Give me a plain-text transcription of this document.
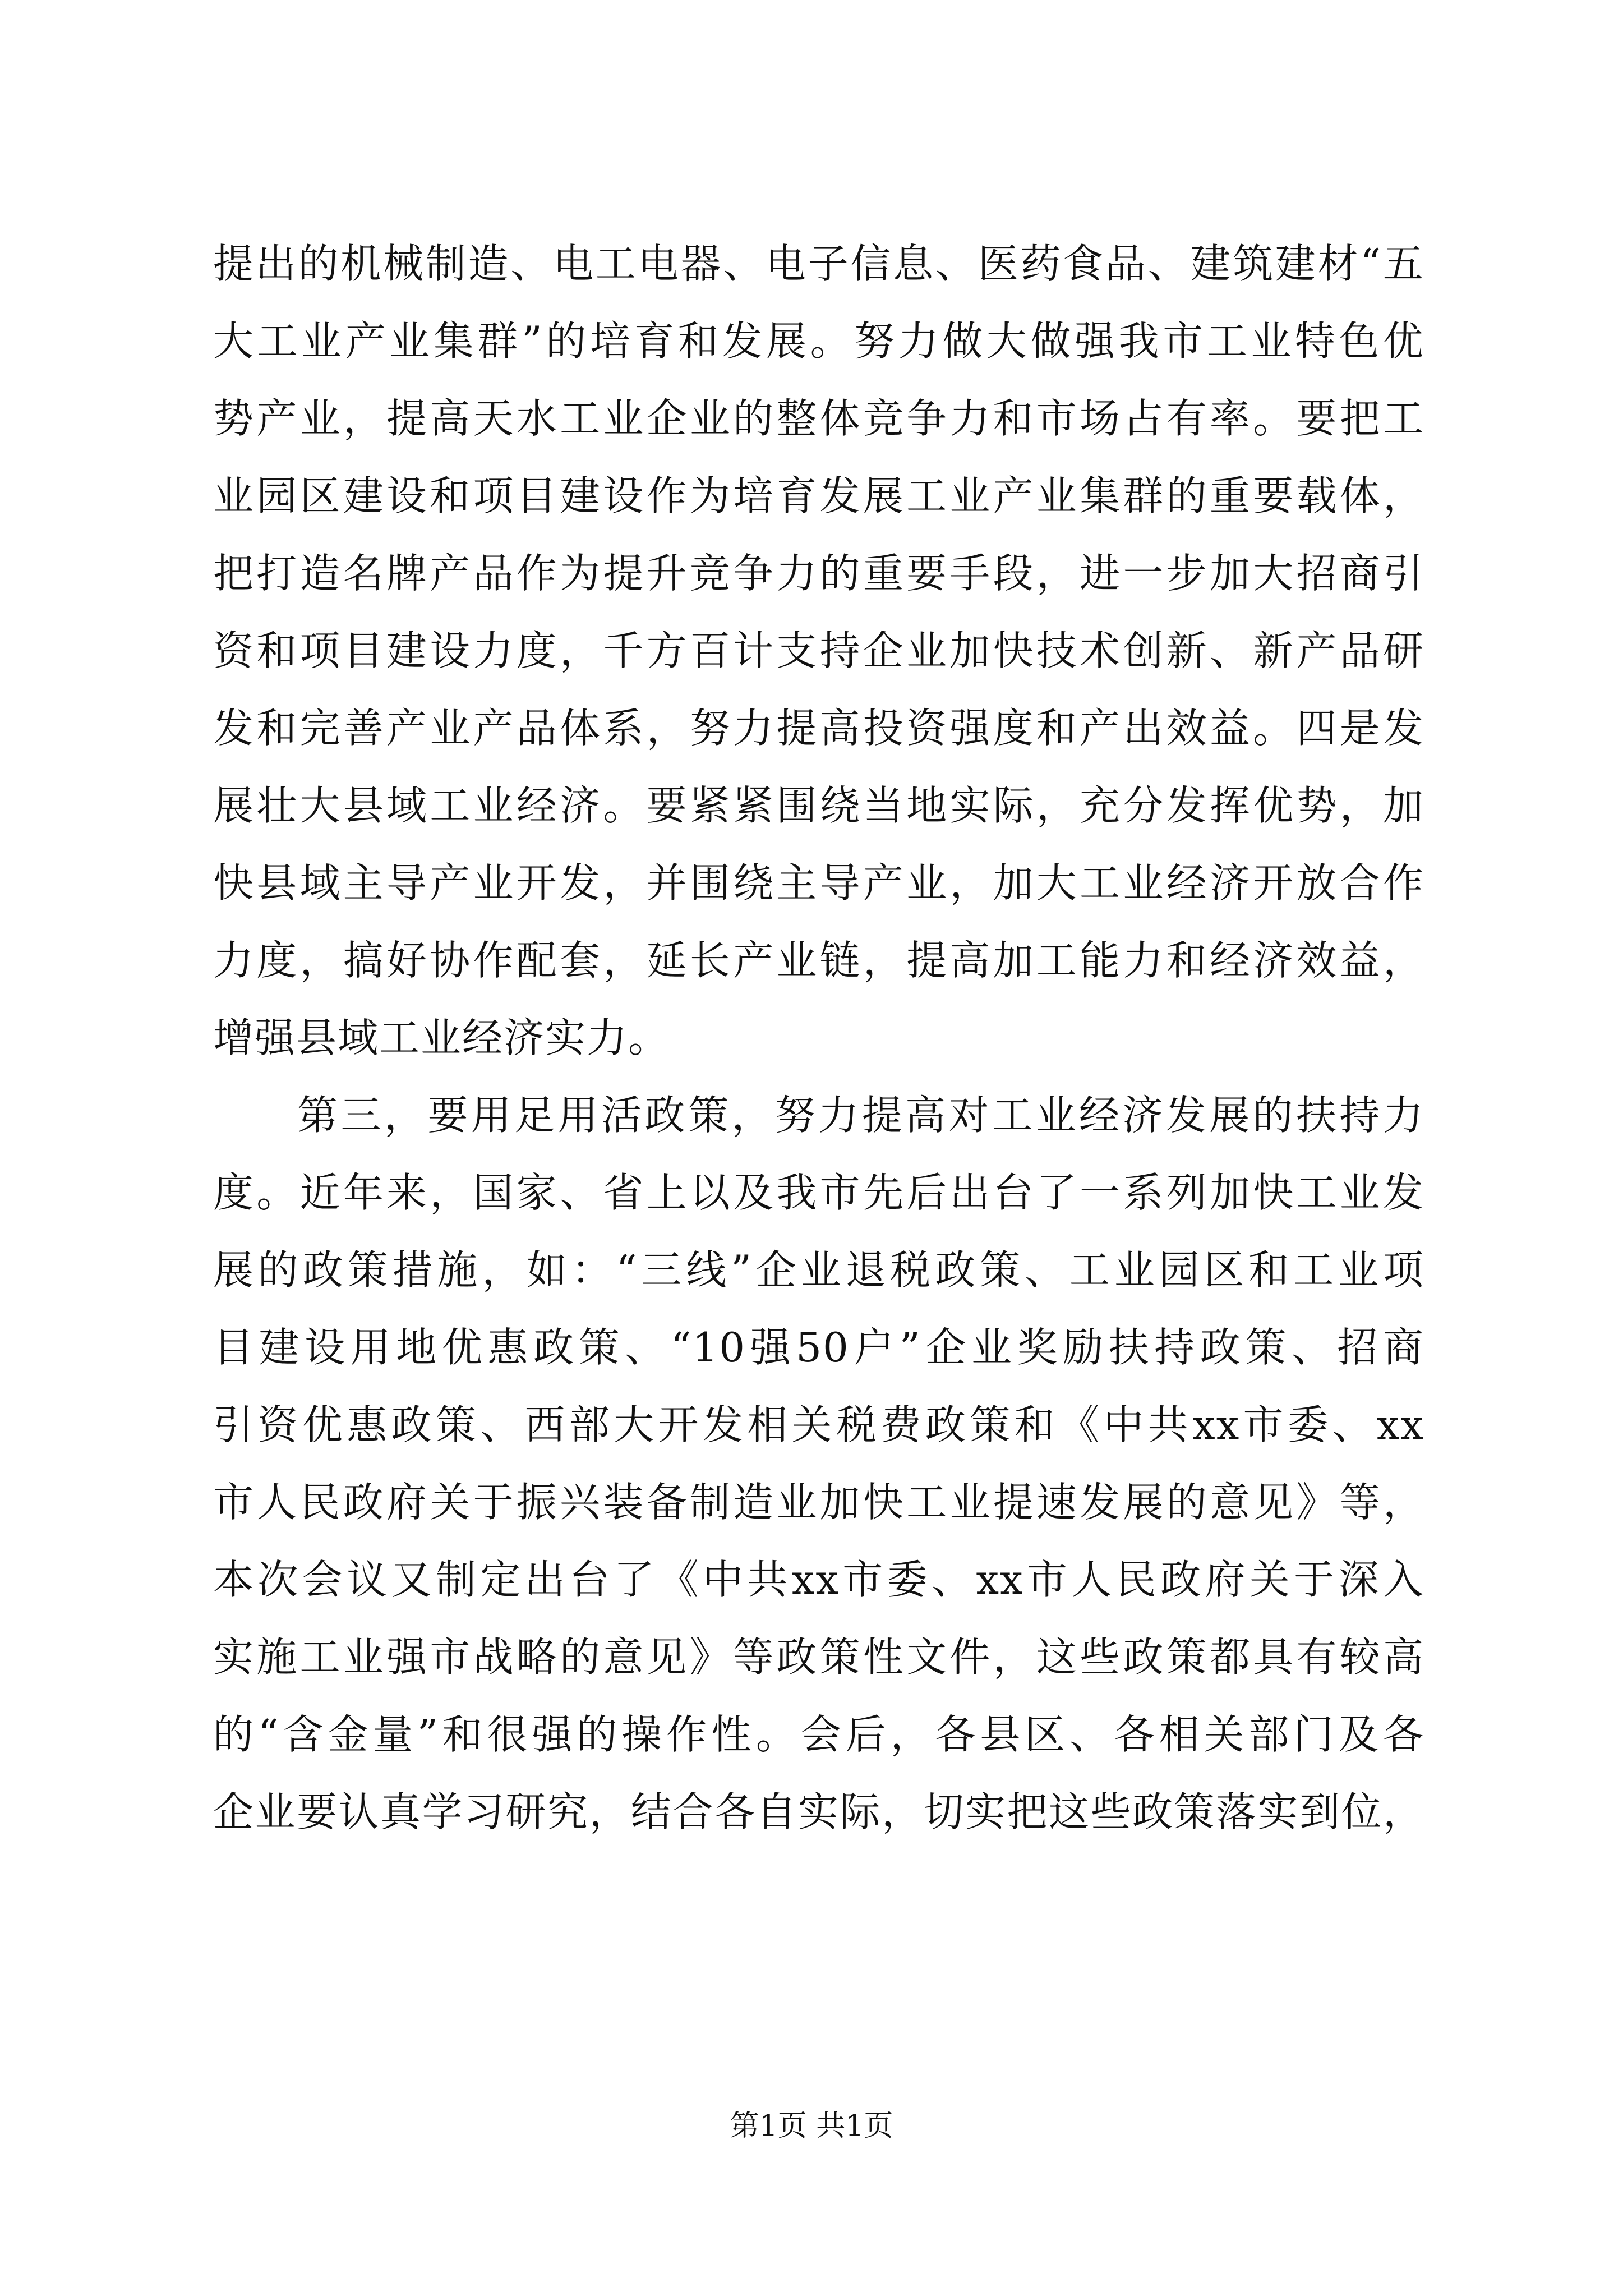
提出的机械制造、电工电器、电子信息、医药食品、建筑建材“五
大工业产业集群”的培育和发展。努力做大做强我市工业特色优
势产业，提高天水工业企业的整体竞争力和市场占有率。要把工
业园区建设和项目建设作为培育发展工业产业集群的重要载体，
把打造名牌产品作为提升竞争力的重要手段，进一步加大招商引
资和项目建设力度，千方百计支持企业加快技术创新、新产品研
发和完善产业产品体系，努力提高投资强度和产出效益。四是发
展壮大县域工业经济。要紧紧围绕当地实际，充分发挥优势，加
快县域主导产业开发，并围绕主导产业，加大工业经济开放合作
力度，搞好协作配套，延长产业链，提高加工能力和经济效益，
增强县域工业经济实力。
第三，要用足用活政策，努力提高对工业经济发展的扶持力
度。近年来，国家、省上以及我市先后出台了一系列加快工业发
展的政策措施，如：“三线”企业退税政策、工业园区和工业项
目建设用地优惠政策、“10强50户”企业奖励扶持政策、招商
引资优惠政策、西部大开发相关税费政策和《中共xx市委、xx
市人民政府关于振兴装备制造业加快工业提速发展的意见》等，
本次会议又制定出台了《中共xx市委、xx市人民政府关于深入
实施工业强市战略的意见》等政策性文件，这些政策都具有较高
的“含金量”和很强的操作性。会后，各县区、各相关部门及各
企业要认真学习研究，结合各自实际，切实把这些政策落实到位，
第1页 共1页
